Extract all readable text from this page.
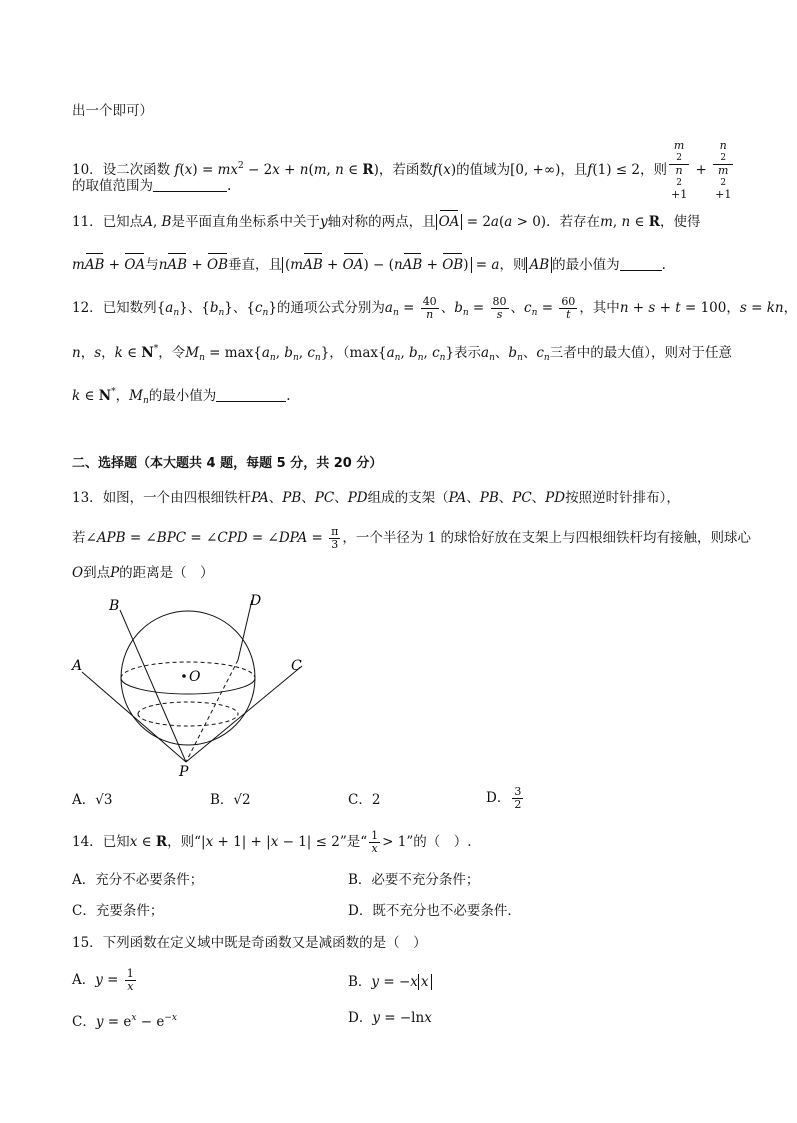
出一个即可）
10．设二次函数 $f(x) = mx^2 - 2x + n(m$, n ∈ R)，若函数f(x)的值域为[0, +∞)，且f(1) ≤ 2，则 m
2
n
2
+1 + n
2
m
2
+1
的取值范围为	.
11．已知点A, B是平面直角坐标系中关于y轴对称的两点，且 OA = 2a(a > 0)．若存在m, n ∈ R，使得
mAB + OA与nAB + OB垂直，且 (mAB + OA) − (nAB + OB) = a，则 AB 的最小值为	.
12．已知数列$\{a_n\}$、$\{b_n\}$、$\{c_n\}$的通项公式分别为$a_n = \frac{40}{n}$ 、$b_n = \frac{80}{s}$ 、$c_n = \frac{60}{t}$ ，其中n + s + t = 100，s = kn，
n，s，k ∈ N*，令$M_n = \max\{a_n$, $b_n$, $c_n$}，（$\max\{a_n$, $b_n$, $c_n$}表示$a_n$、$b_n$、$c_n$三者中的最大值），则对于任意
k ∈ N*，$M_n$的最小值为	.
二、选择题（本大题共 4 题，每题 5 分，共 20 分）
13．如图，一个由四根细铁杆PA、PB、PC、PD组成的支架（PA、PB、PC、PD按照逆时针排布），
若∠APB = ∠BPC = ∠CPD = ∠DPA = $\frac{\pi}{3}$ ，一个半径为 1 的球恰好放在支架上与四根细铁杆均有接触，则球心
O到点P的距离是（　）
B	D
A	C
O
P
A．√3	B．√2	C．2	D． $\frac{3}{2}$
14．已知x ∈ R，则“|x + 1| + |x − 1| ≤ 2”是“ $\frac{1}{x} > 1$”的（　）.
A．充分不必要条件；	B．必要不充分条件；
C．充要条件；	D．既不充分也不必要条件．
15．下列函数在定义域中既是奇函数又是减函数的是（　）
A．$y = \frac{1}{x}$	B．y = −x x
C．$y = e^x - e^{-x}$	D．y = −lnx
